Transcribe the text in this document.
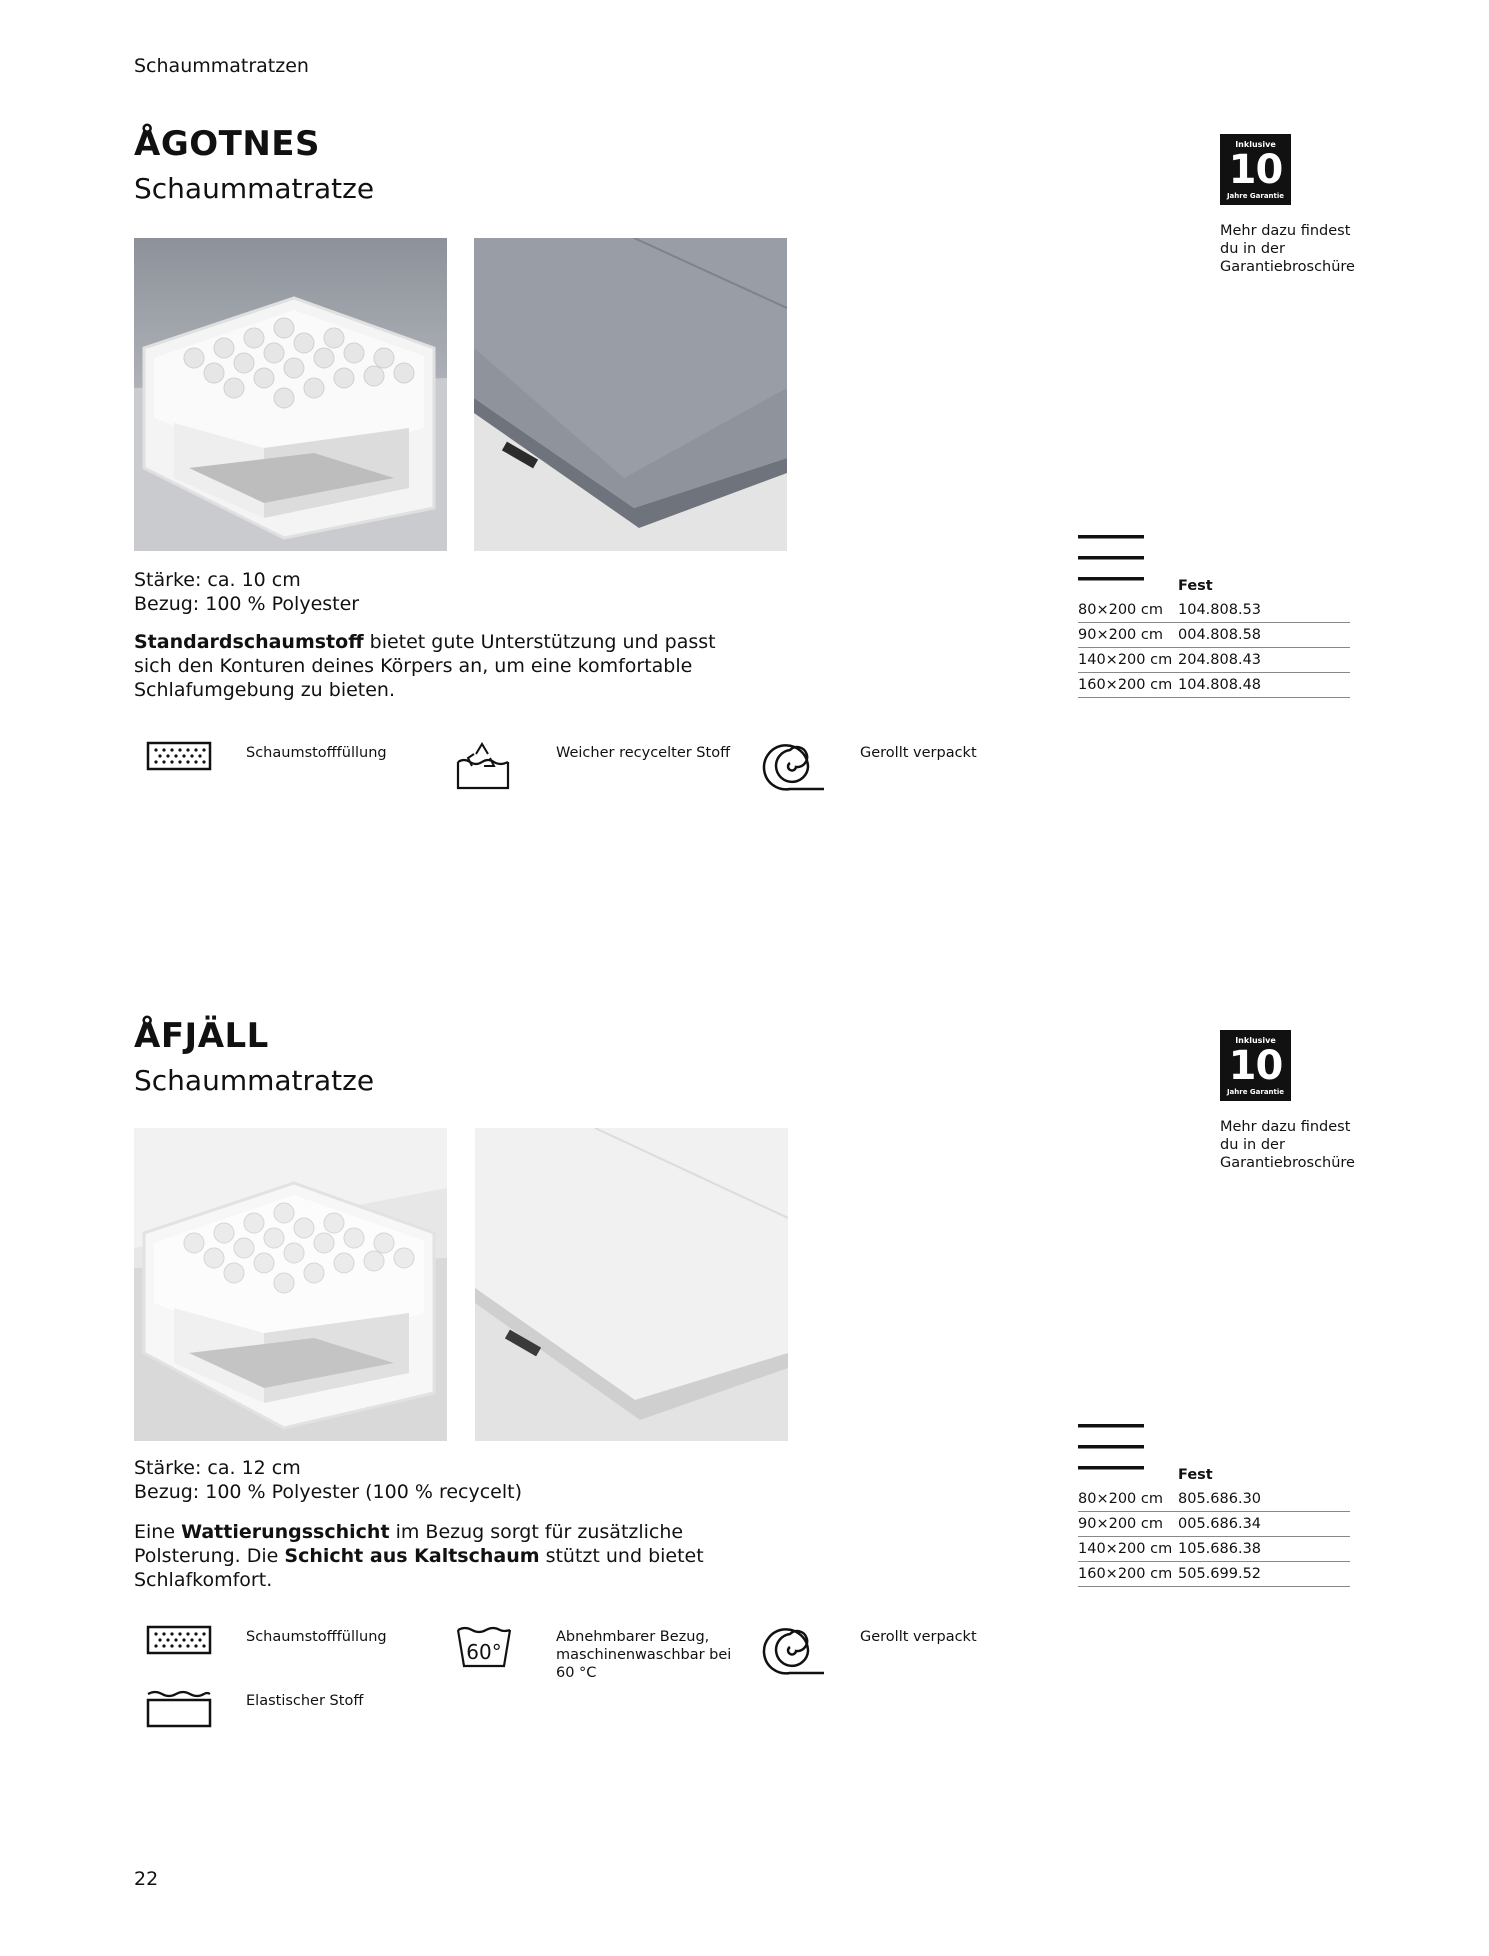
Schaummatratzen
ÅGOTNES
Schaummatratze
Stärke: ca. 10 cm
Bezug: 100 % Polyester
Standardschaumstoff bietet gute Unterstützung und passt sich den Konturen deines Körpers an, um eine komfortable Schlafumgebung zu bieten.
Schaumstofffüllung	Weicher recycelter Stoff	Gerollt verpackt
Inklusive
10
Jahre Garantie
Mehr dazu findest du in der Garantiebroschüre
Fest
80×200 cm	104.808.53
90×200 cm	004.808.58
140×200 cm 204.808.43
160×200 cm 104.808.48
ÅFJÄLL
Schaummatratze
Stärke: ca. 12 cm
Bezug: 100 % Polyester (100 % recycelt)
Eine Wattierungsschicht im Bezug sorgt für zusätzliche Polsterung. Die Schicht aus Kaltschaum stützt und bietet Schlafkomfort.
Schaumstofffüllung
60°
Abnehmbarer Bezug, maschinenwaschbar bei 60 °C
Gerollt verpackt
Elastischer Stoff
Inklusive
10
Jahre Garantie
Mehr dazu findest du in der Garantiebroschüre
Fest
80×200 cm	805.686.30
90×200 cm	005.686.34
140×200 cm 105.686.38
160×200 cm 505.699.52
22
